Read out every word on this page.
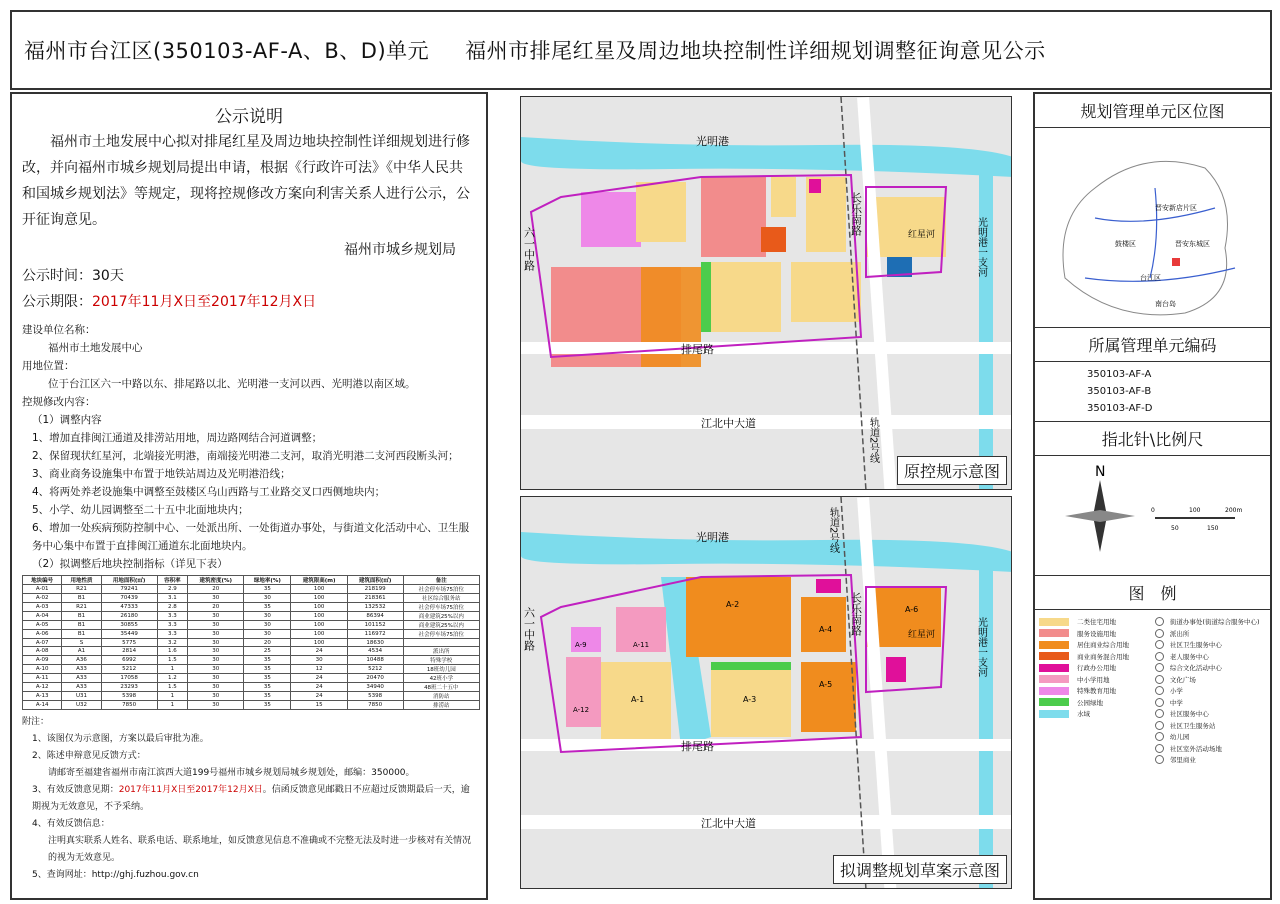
福州市台江区(350103-AF-A、B、D)单元 福州市排尾红星及周边地块控制性详细规划调整征询意见公示
公示说明
福州市土地发展中心拟对排尾红星及周边地块控制性详细规划进行修改，并向福州市城乡规划局提出申请，根据《行政许可法》《中华人民共和国城乡规划法》等规定，现将控规修改方案向利害关系人进行公示，公开征询意见。
福州市城乡规划局
公示时间：30天
公示期限：2017年11月X日至2017年12月X日

建设单位名称：

福州市土地发展中心

用地位置：

位于台江区六一中路以东、排尾路以北、光明港一支河以西、光明港以南区域。

控规修改内容：

（1）调整内容

1、增加直排闽江通道及排涝站用地，周边路网结合河道调整；

2、保留现状红星河，北端接光明港，南端接光明港二支河，取消光明港二支河西段断头河；

3、商业商务设施集中布置于地铁站周边及光明港沿线；

4、将两处养老设施集中调整至鼓楼区乌山西路与工业路交叉口西侧地块内；

5、小学、幼儿园调整至二十五中北面地块内；

6、增加一处疾病预防控制中心、一处派出所、一处街道办事处，与街道文化活动中心、卫生服务中心集中布置于直排闽江通道东北面地块内。

（2）拟调整后地块控制指标（详见下表）

地块编号	用地性质	用地面积(㎡)	容积率	建筑密度(%)	绿地率(%)	建筑限高(m)	建筑面积(㎡)	备注
A-01	R21	79241	2.9	20	35	100	218199	社会停车场75泊位
A-02	B1	70439	3.1	30	30	100	218361	社区综合服务站
A-03	R21	47333	2.8	20	35	100	132532	社会停车场75泊位
A-04	B1	26180	3.3	30	30	100	86394	商业建筑25%以内
A-05	B1	30855	3.3	30	30	100	101152	商业建筑25%以内
A-06	B1	35449	3.3	30	30	100	116972	社会停车场75泊位
A-07	S	5775	3.2	30	20	100	18630	
A-08	A1	2814	1.6	30	25	24	4534	派出所
A-09	A36	6992	1.5	30	35	30	10488	特殊学校
A-10	A33	5212	1	30	35	12	5212	18班幼儿园
A-11	A33	17058	1.2	30	35	24	20470	42班小学
A-12	A33	23293	1.5	30	35	24	34940	48班二十五中
A-13	U31	5398	1	30	35	24	5398	消防站
A-14	U32	7850	1	30	35	15	7850	排涝站

附注：

1、该图仅为示意图，方案以最后审批为准。

2、陈述申辩意见反馈方式：

请邮寄至福建省福州市南江滨西大道199号福州市城乡规划局城乡规划处，邮编：350000。

3、有效反馈意见期：2017年11月X日至2017年12月X日。信函反馈意见邮戳日不应超过反馈期最后一天，逾期视为无效意见，不予采纳。

4、有效反馈信息：

注明真实联系人姓名、联系电话、联系地址，如反馈意见信息不准确或不完整无法及时进一步核对有关情况的视为无效意见。

5、查询网址：http://ghj.fuzhou.gov.cn

光明港
六一中路
长乐南路
排尾路
江北中大道
光明港一支河
红星河
轨道2号线
原控规示意图
光明港
六一中路	长乐南路
排尾路
江北中大道
光明港一支河
红星河
轨道2号线
A-1
A-2
A-3
A-4
A-5
A-6
A-9	A-11
A-12
拟调整规划草案示意图
规划管理单元区位图
晋安新店片区
鼓楼区	晋安东城区
台江区
南台岛
所属管理单元编码
350103-AF-A
350103-AF-B
350103-AF-D
指北针\比例尺
N
0
50
100
150
200m
图　例
二类住宅用地
服务设施用地
居住商业综合用地
商业商务混合用地
行政办公用地
中小学用地
特殊教育用地
公园绿地
水域
街道办事处(街道综合服务中心)
派出所
社区卫生服务中心
老人服务中心
综合文化活动中心
文化广场
小学
中学
社区服务中心
社区卫生服务站
幼儿园
社区室外活动场地
邻里商业
